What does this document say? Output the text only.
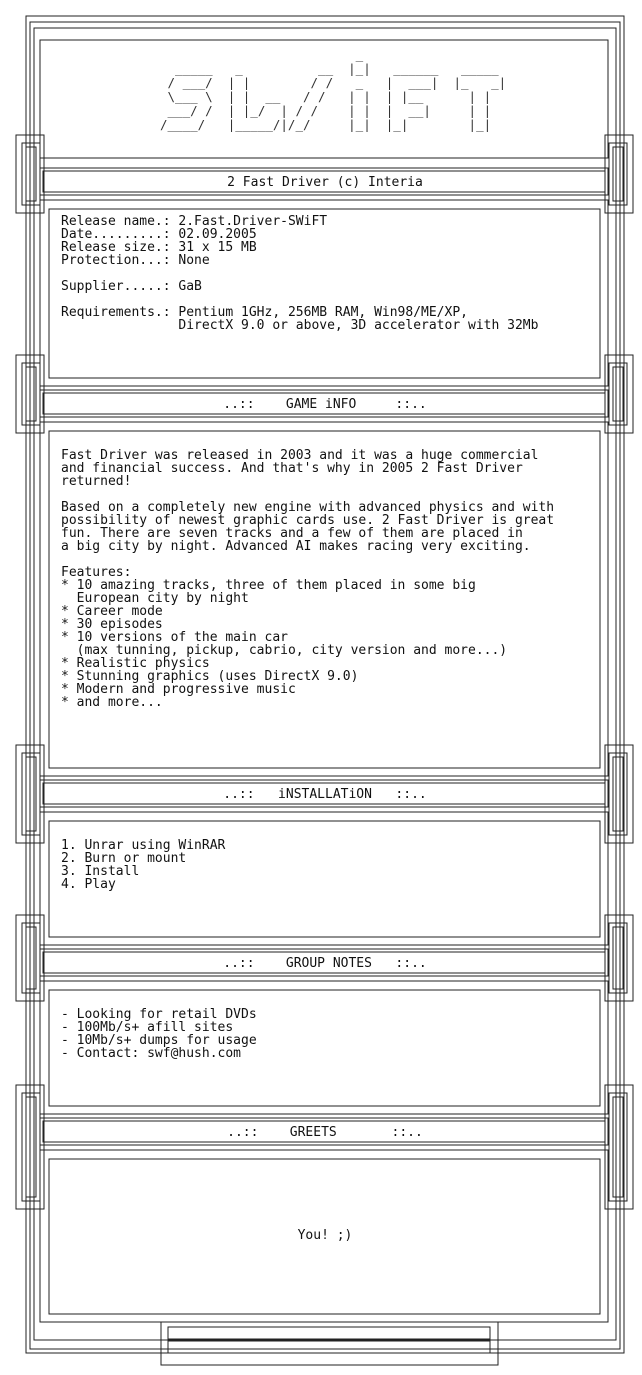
_
_____   _          __  |_|   ______   _____
/ ___/  | |        / /   _   |  ___|  |_   _|
\___ \  | |  __   / /   | |  | |__      | |
___/ /  | |_/  | / /    | |  |  __|     | |
/____/   |_____/|/_/     |_|  |_|        |_|
2 Fast Driver (c) Interia
Release name.: 2.Fast.Driver-SWiFT
Date.........: 02.09.2005
Release size.: 31 x 15 MB
Protection...: None

Supplier.....: GaB

Requirements.: Pentium 1GHz, 256MB RAM, Win98/ME/XP,
DirectX 9.0 or above, 3D accelerator with 32Mb
..::    GAME iNFO     ::..
Fast Driver was released in 2003 and it was a huge commercial
and financial success. And that's why in 2005 2 Fast Driver
returned!

Based on a completely new engine with advanced physics and with
possibility of newest graphic cards use. 2 Fast Driver is great
fun. There are seven tracks and a few of them are placed in
a big city by night. Advanced AI makes racing very exciting.

Features:
* 10 amazing tracks, three of them placed in some big
European city by night
* Career mode
* 30 episodes
* 10 versions of the main car
(max tunning, pickup, cabrio, city version and more...)
* Realistic physics
* Stunning graphics (uses DirectX 9.0)
* Modern and progressive music
* and more...
..::   iNSTALLATiON   ::..
1. Unrar using WinRAR
2. Burn or mount
3. Install
4. Play
..::    GROUP NOTES   ::..
- Looking for retail DVDs
- 100Mb/s+ afill sites
- 10Mb/s+ dumps for usage
- Contact: swf@hush.com
..::    GREETS       ::..
You! ;)
